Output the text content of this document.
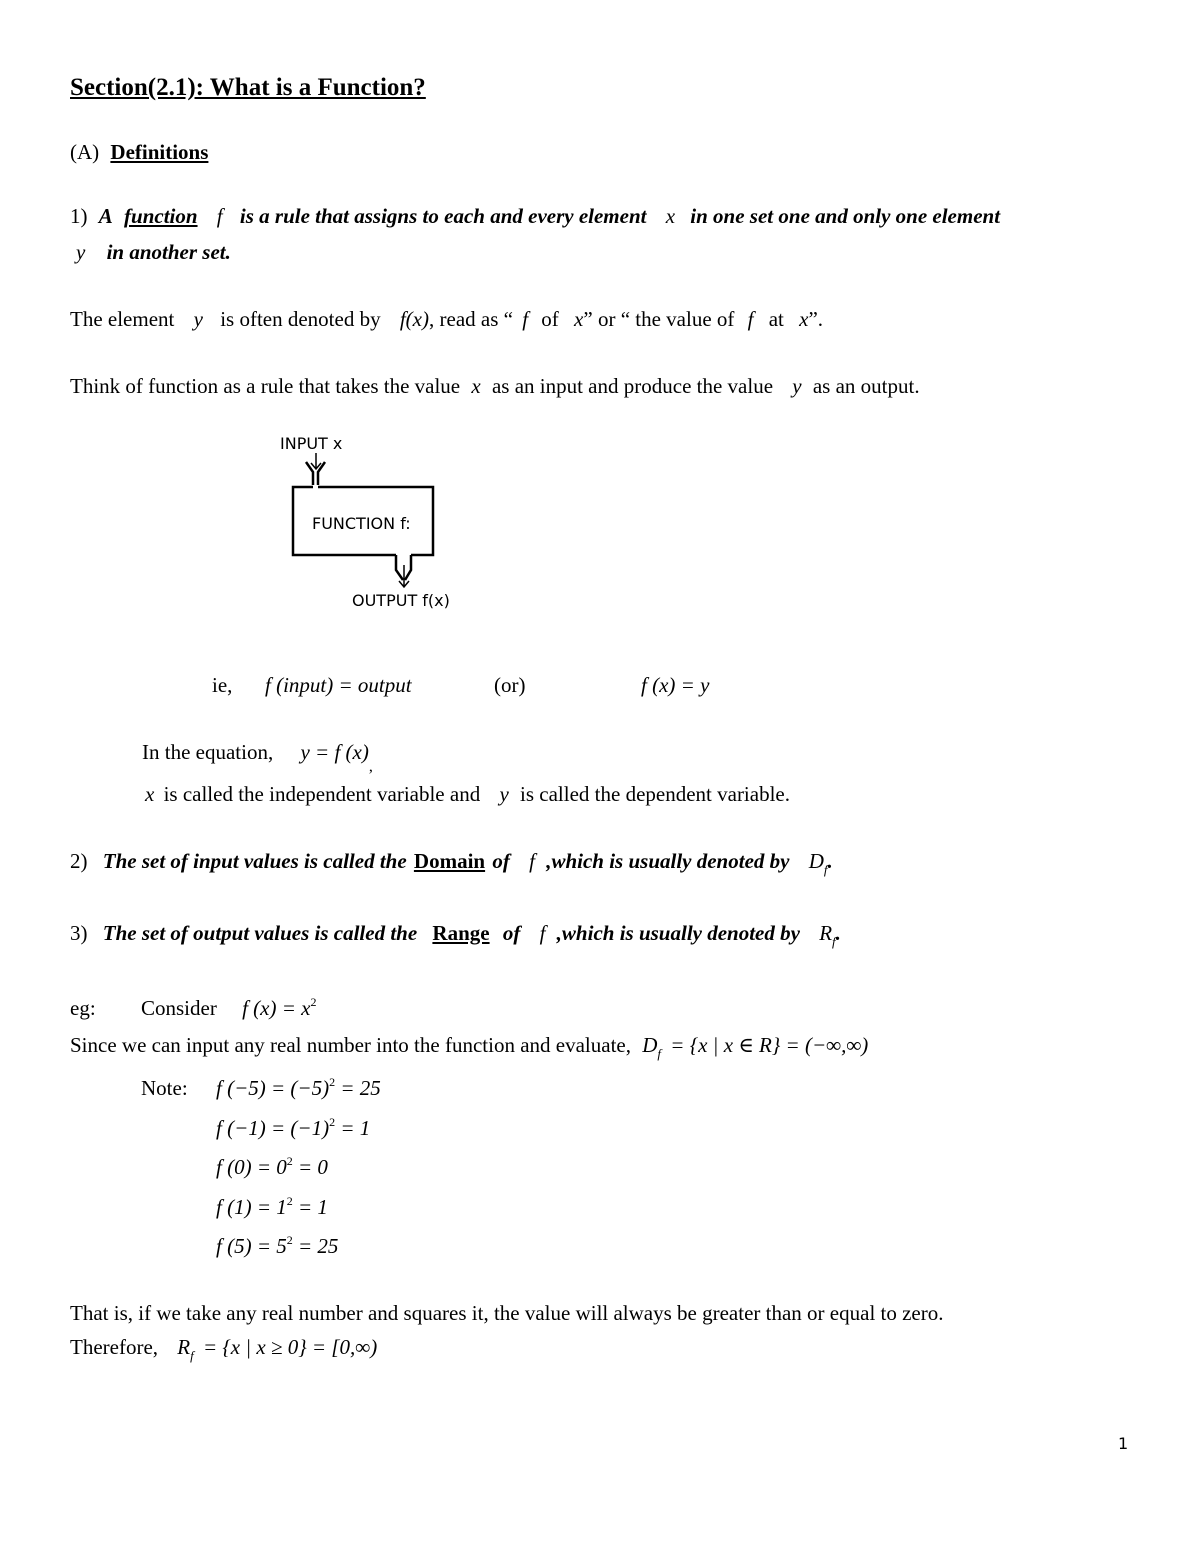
Section(2.1): What is a Function?
(A) Definitions
1) A function f is a rule that assigns to each and every element x in one set one and only one element
y in another set.
The element y is often denoted by f(x), read as “ f of x” or “ the value of f at x”.
Think of function as a rule that takes the value x as an input and produce the value y as an output.
INPUT x
FUNCTION f:
OUTPUT f(x)
ie, f (input) = output	(or)	f (x) = y
In the equation, y = f $(x)_,$
x is called the independent variable and y is called the dependent variable.
2) The set of input values is called the Domain of f ,which is usually denoted by $D_f$.
3) The set of output values is called the Range of f ,which is usually denoted by $R_f$.
eg: Consider f $(x) = x^2$
Since we can input any real number into the function and evaluate, $D_f = \{x$ | x ∈ R} = (−∞,∞)
Note: f $(-5) = (-5)^2 = 25$
f $(-1) = (-1)^2 = 1$
f $(0) = 0^2 = 0$
f $(1) = 1^2 = 1$
f $(5) = 5^2 = 25$
That is, if we take any real number and squares it, the value will always be greater than or equal to zero.
Therefore, $R_f = \{x$ | x ≥ 0} = [0,∞)
1
